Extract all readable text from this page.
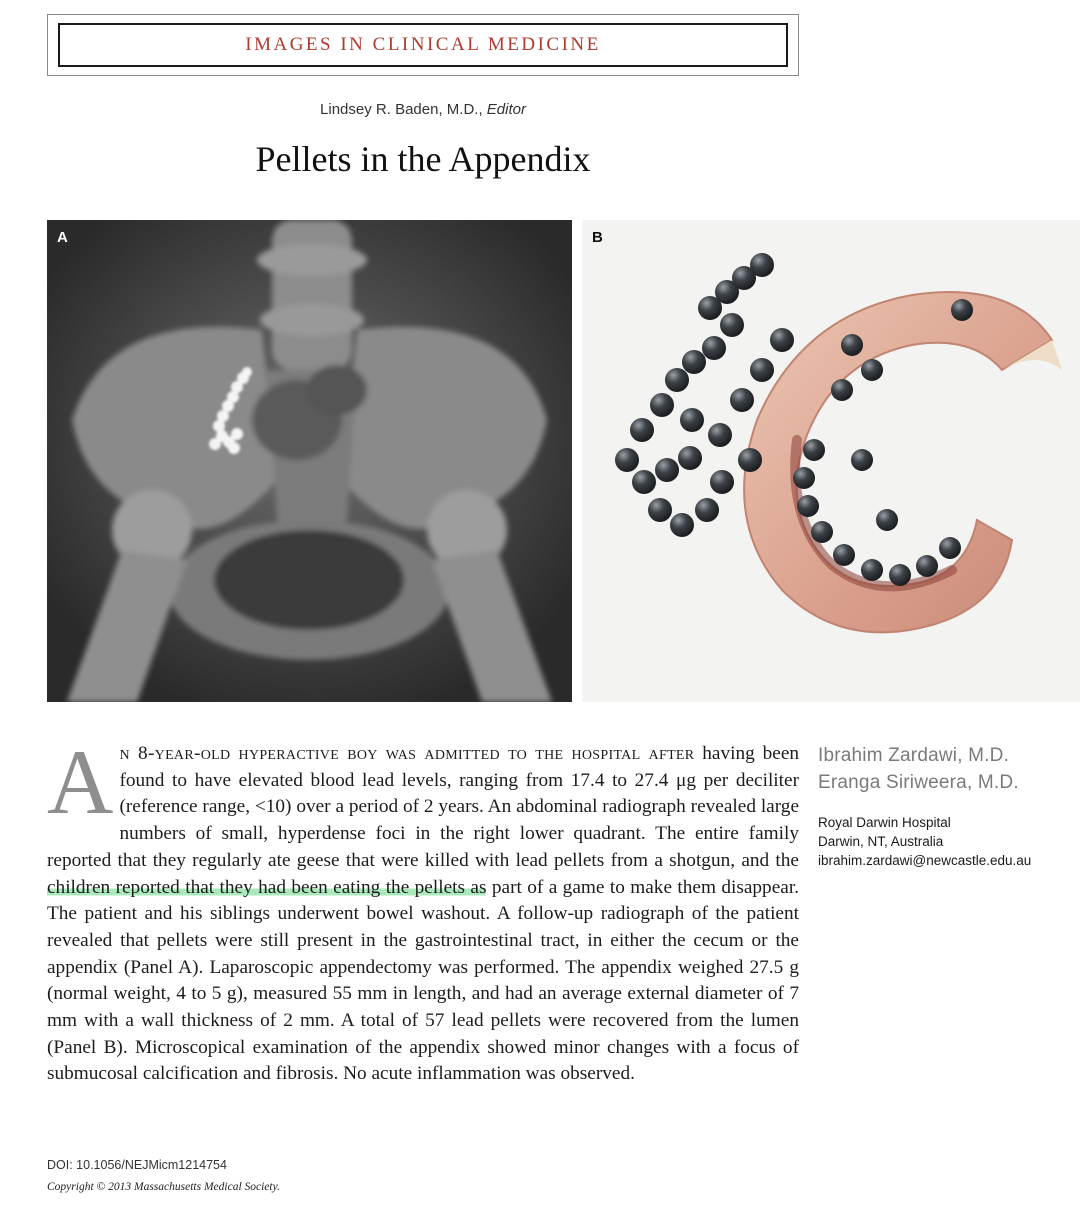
IMAGES IN CLINICAL MEDICINE
Lindsey R. Baden, M.D., Editor
Pellets in the Appendix
A	B

An 8-year-old hyperactive boy was admitted to the hospital after having been found to have elevated blood lead levels, ranging from 17.4 to 27.4 μg per deciliter (reference range, <10) over a period of 2 years. An abdominal radiograph revealed large numbers of small, hyperdense foci in the right lower quadrant. The entire family reported that they regularly ate geese that were killed with lead pellets from a shotgun, and the children reported that they had been eating the pellets as part of a game to make them disappear. The patient and his siblings underwent bowel washout. A follow-up radiograph of the patient revealed that pellets were still present in the gastrointestinal tract, in either the cecum or the appendix (Panel A). Laparoscopic appendectomy was performed. The appendix weighed 27.5 g (normal weight, 4 to 5 g), measured 55 mm in length, and had an average external diameter of 7 mm with a wall thickness of 2 mm. A total of 57 lead pellets were recovered from the lumen (Panel B). Microscopical examination of the appendix showed minor changes with a focus of submucosal calcification and fibrosis. No acute inflammation was observed.

Ibrahim Zardawi, M.D.
Eranga Siriweera, M.D.
Royal Darwin Hospital
Darwin, NT, Australia
ibrahim.zardawi@newcastle.edu.au
DOI: 10.1056/NEJMicm1214754
Copyright © 2013 Massachusetts Medical Society.
